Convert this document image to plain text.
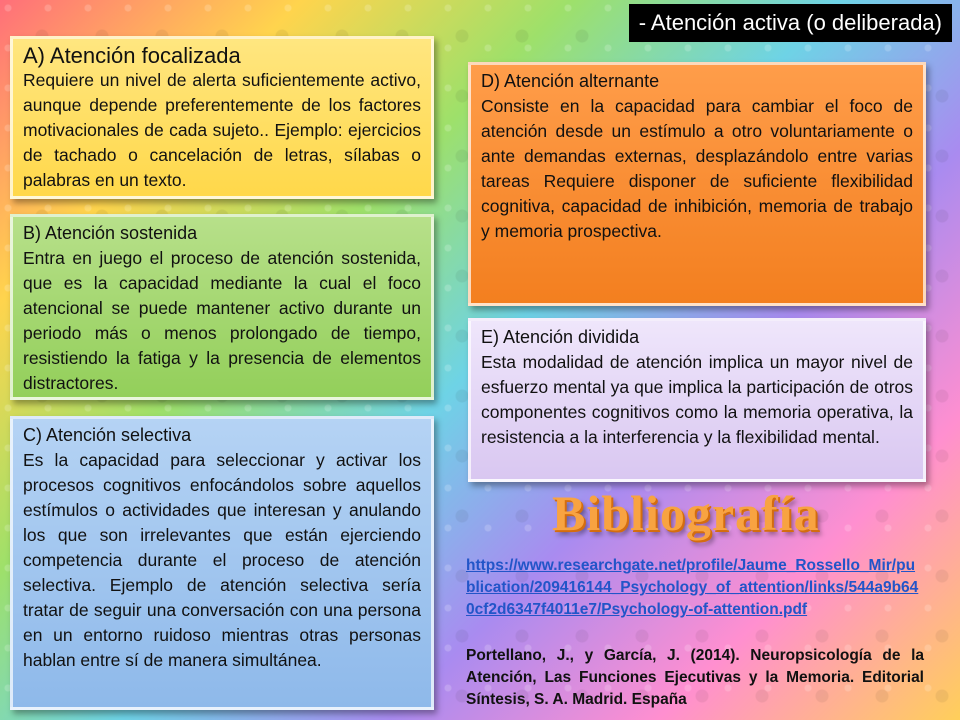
- Atención activa (o deliberada)
A) Atención focalizada
Requiere un nivel de alerta suficientemente activo, aunque depende preferentemente de los factores motivacionales de cada sujeto.. Ejemplo: ejercicios de tachado o cancelación de letras, sílabas o palabras en un texto.
B) Atención sostenida
Entra en juego el proceso de atención sostenida, que es la capacidad mediante la cual el foco atencional se puede mantener activo durante un periodo más o menos prolongado de tiempo, resistiendo la fatiga y la presencia de elementos distractores.
C) Atención selectiva
Es la capacidad para seleccionar y activar los procesos cognitivos enfocándolos sobre aquellos estímulos o actividades que interesan y anulando los que son irrelevantes que están ejerciendo competencia durante el proceso de atención selectiva. Ejemplo de atención selectiva sería tratar de seguir una conversación con una persona en un entorno ruidoso mientras otras personas hablan entre sí de manera simultánea.
D) Atención alternante
Consiste en la capacidad para cambiar el foco de atención desde un estímulo a otro voluntariamente o ante demandas externas, desplazándolo entre varias tareas Requiere disponer de suficiente flexibilidad cognitiva, capacidad de inhibición, memoria de trabajo y memoria prospectiva.
E) Atención dividida
Esta modalidad de atención implica un mayor nivel de esfuerzo mental ya que implica la participación de otros componentes cognitivos como la memoria operativa, la resistencia a la interferencia y la flexibilidad mental.
Bibliografía
https://www.researchgate.net/profile/Jaume_Rossello_Mir/publication/209416144_Psychology_of_attention/links/544a9b640cf2d6347f4011e7/Psychology-of-attention.pdf
Portellano, J., y García, J. (2014). Neuropsicología de la Atención, Las Funciones Ejecutivas y la Memoria. Editorial Síntesis, S. A. Madrid. España
